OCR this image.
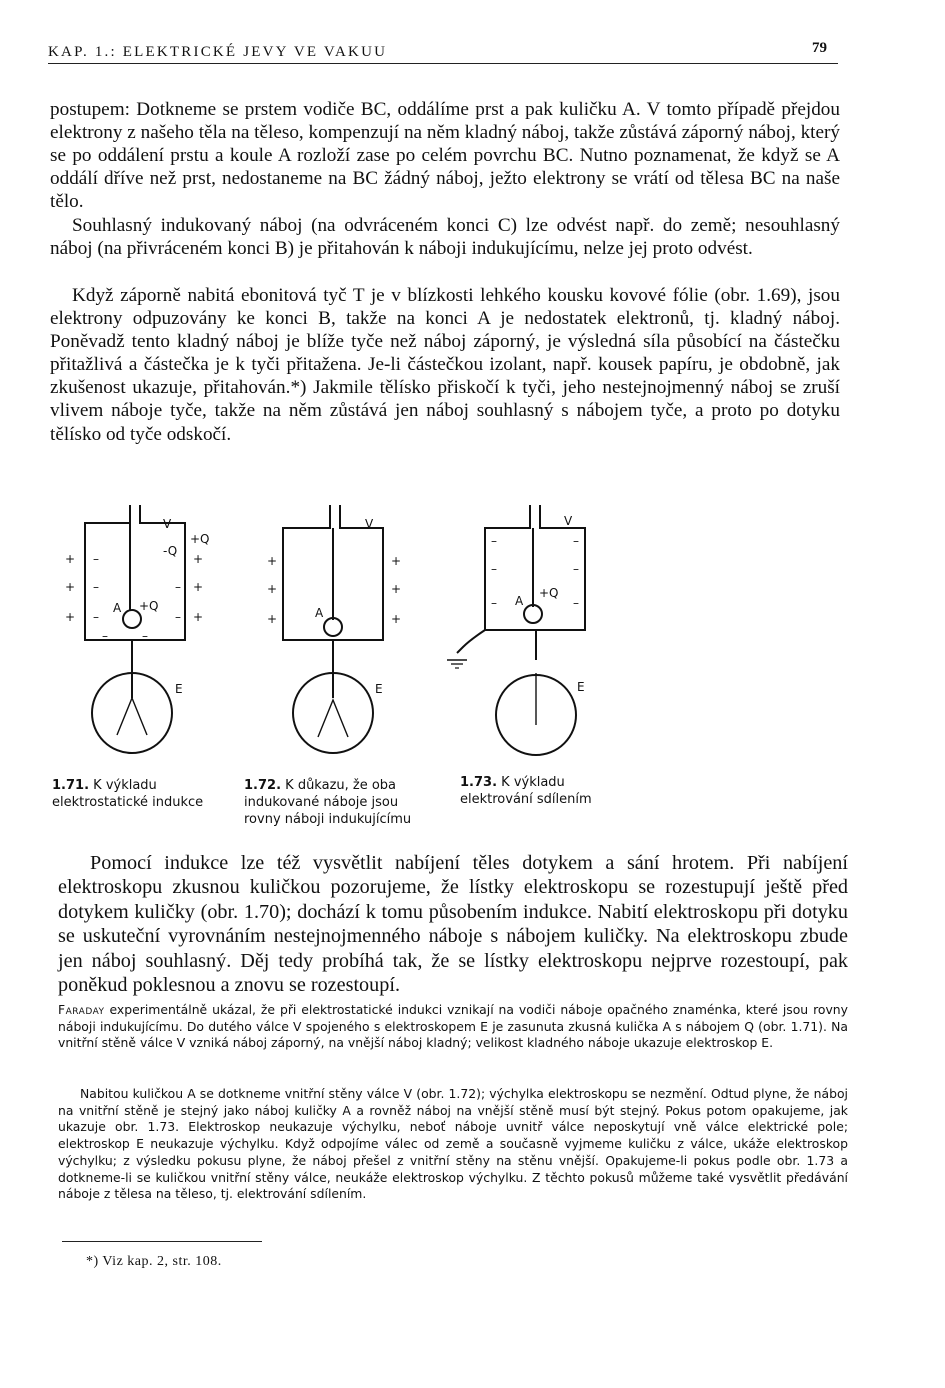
KAP. 1.: ELEKTRICKÉ JEVY VE VAKUU	79

postupem: Dotkneme se prstem vodiče BC, oddálíme prst a pak kuličku A. V tomto případě přejdou elektrony z našeho těla na těleso, kompenzují na něm kladný náboj, takže zůstává záporný náboj, který se po oddálení prstu a koule A rozloží zase po celém povrchu BC. Nutno poznamenat, že když se A oddálí dříve než prst, nedostaneme na BC žádný náboj, ježto elektrony se vrátí od tělesa BC na naše tělo.

Souhlasný indukovaný náboj (na odvráceném konci C) lze odvést např. do země; nesouhlasný náboj (na přivráceném konci B) je přitahován k náboji indukujícímu, nelze jej proto odvést.

Když záporně nabitá ebonitová tyč T je v blízkosti lehkého kousku kovové fólie (obr. 1.69), jsou elektrony odpuzovány ke konci B, takže na konci A je nedostatek elektronů, tj. kladný náboj. Poněvadž tento kladný náboj je blíže tyče než náboj záporný, je výsledná síla působící na částečku přitažlivá a částečka je k tyči přitažena. Je-li částečkou izolant, např. kousek papíru, je obdobně, jak zkušenost ukazuje, přitahován.*) Jakmile tělísko přiskočí k tyči, jeho nestejnojmenný náboj se zruší vlivem náboje tyče, takže na něm zůstává jen náboj souhlasný s nábojem tyče, a proto po dotyku tělísko od tyče odskočí.

V
+Q
-Q
A +Q
E
+
+
+
–
–
–
–
–
+
+
+
–	–
V
A
E
+
+
+
+
+
+
V
A
+Q
E
–
–
–
–
–
–
1.71. K výkladu
elektrostatické indukce
1.72. K důkazu, že oba
indukované náboje jsou
rovny náboji indukujícímu
1.73. K výkladu
elektrování sdílením

Pomocí indukce lze též vysvětlit nabíjení těles dotykem a sání hrotem. Při nabíjení elektroskopu zkusnou kuličkou pozorujeme, že lístky elektroskopu se rozestupují ještě před dotykem kuličky (obr. 1.70); dochází k tomu působením indukce. Nabití elektroskopu při dotyku se uskuteční vyrovnáním nestejnojmenného náboje s nábojem kuličky. Na elektroskopu zbude jen náboj souhlasný. Děj tedy probíhá tak, že se lístky elektroskopu nejprve rozestoupí, pak poněkud poklesnou a znovu se rozestoupí.

Faraday experimentálně ukázal, že při elektrostatické indukci vznikají na vodiči náboje opačného znaménka, které jsou rovny náboji indukujícímu. Do dutého válce V spojeného s elektroskopem E je zasunuta zkusná kulička A s nábojem Q (obr. 1.71). Na vnitřní stěně válce V vzniká náboj záporný, na vnější náboj kladný; velikost kladného náboje ukazuje elektroskop E.

Nabitou kuličkou A se dotkneme vnitřní stěny válce V (obr. 1.72); výchylka elektroskopu se nezmění. Odtud plyne, že náboj na vnitřní stěně je stejný jako náboj kuličky A a rovněž náboj na vnější stěně musí být stejný. Pokus potom opakujeme, jak ukazuje obr. 1.73. Elektroskop neukazuje výchylku, neboť náboje uvnitř válce neposkytují vně válce elektrické pole; elektroskop E neukazuje výchylku. Když odpojíme válec od země a současně vyjmeme kuličku z válce, ukáže elektroskop výchylku; z výsledku pokusu plyne, že náboj přešel z vnitřní stěny na stěnu vnější. Opakujeme-li pokus podle obr. 1.73 a dotkneme-li se kuličkou vnitřní stěny válce, neukáže elektroskop výchylku. Z těchto pokusů můžeme také vysvětlit předávání náboje z tělesa na těleso, tj. elektrování sdílením.

*) Viz kap. 2, str. 108.
